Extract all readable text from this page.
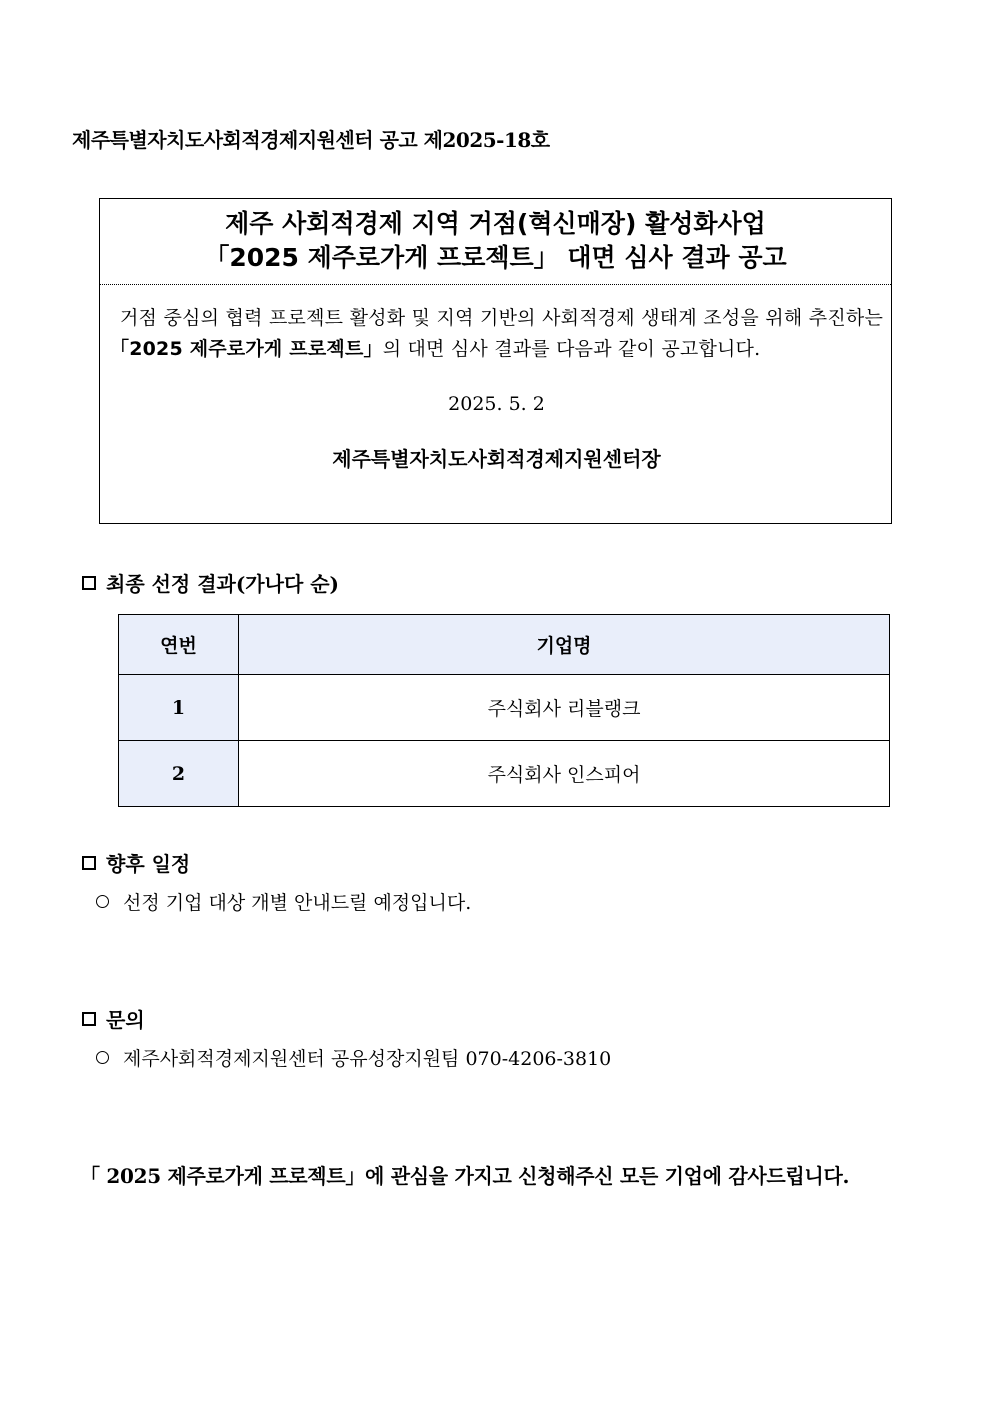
제주특별자치도사회적경제지원센터 공고 제2025-18호
제주 사회적경제 지역 거점(혁신매장) 활성화사업
「2025 제주로가게 프로젝트」 대면 심사 결과 공고

거점 중심의 협력 프로젝트 활성화 및 지역 기반의 사회적경제 생태계 조성을 위해 추진하는「2025 제주로가게 프로젝트」의 대면 심사 결과를 다음과 같이 공고합니다.

2025. 5. 2
제주특별자치도사회적경제지원센터장
최종 선정 결과(가나다 순)
연번	기업명
1	주식회사 리블랭크
2	주식회사 인스피어
향후 일정
선정 기업 대상 개별 안내드릴 예정입니다.
문의
제주사회적경제지원센터 공유성장지원팀 070-4206-3810
「 2025 제주로가게 프로젝트」에 관심을 가지고 신청해주신 모든 기업에 감사드립니다.
